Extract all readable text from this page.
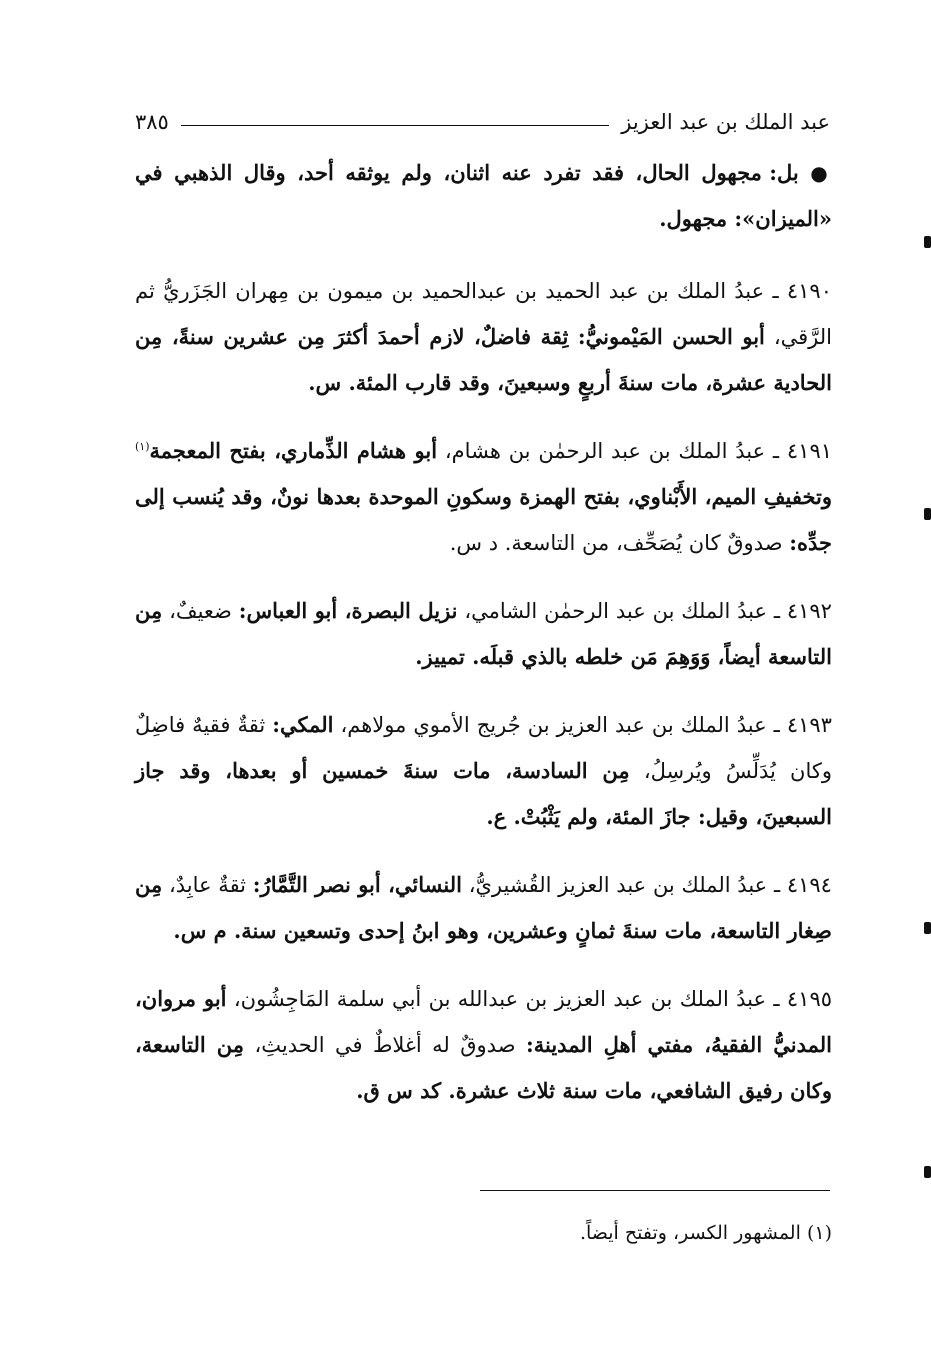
عبد الملك بن عبد العزيز
٣٨٥

● بل: مجهول الحال، فقد تفرد عنه اثنان، ولم يوثقه أحد، وقال الذهبي في «الميزان»: مجهول.

٤١٩٠ ـ عبدُ الملك بن عبد الحميد بن عبدالحميد بن ميمون بن مِهران الجَزَريُّ ثم الرَّقي، أبو الحسن المَيْمونيُّ: ثِقة فاضلٌ، لازم أحمدَ أكثرَ مِن عشرين سنةً، مِن الحادية عشرة، مات سنةَ أربعٍ وسبعينَ، وقد قارب المئة. س.

٤١٩١ ـ عبدُ الملك بن عبد الرحمٰن بن هشام، أبو هشام الذِّماري، بفتح المعجمة$^{(١)}$ وتخفيفِ الميم، الأَبْناوي، بفتح الهمزة وسكونِ الموحدة بعدها نونٌ، وقد يُنسب إلى جدِّه: صدوقٌ كان يُصَحِّف، من التاسعة. د س.

٤١٩٢ ـ عبدُ الملك بن عبد الرحمٰن الشامي، نزيل البصرة، أبو العباس: ضعيفٌ، مِن التاسعة أيضاً، وَوَهِمَ مَن خلطه بالذي قبلَه. تمييز.

٤١٩٣ ـ عبدُ الملك بن عبد العزيز بن جُريج الأموي مولاهم، المكي: ثقةٌ فقيهٌ فاضِلٌ وكان يُدَلِّسُ ويُرسِلُ، مِن السادسة، مات سنةَ خمسين أو بعدها، وقد جاز السبعينَ، وقيل: جازَ المئة، ولم يَثْبُتْ. ع.

٤١٩٤ ـ عبدُ الملك بن عبد العزيز القُشيريُّ، النسائي، أبو نصر التَّمَّارُ: ثقةٌ عابِدٌ، مِن صِغار التاسعة، مات سنةَ ثمانٍ وعشرين، وهو ابنُ إحدى وتسعين سنة. م س.

٤١٩٥ ـ عبدُ الملك بن عبد العزيز بن عبدالله بن أبي سلمة المَاجِشُون، أبو مروان، المدنيُّ الفقيهُ، مفتي أهلِ المدينة: صدوقٌ له أغلاطٌ في الحديثِ، مِن التاسعة، وكان رفيق الشافعي، مات سنة ثلاث عشرة. كد س ق.

(١) المشهور الكسر، وتفتح أيضاً.
